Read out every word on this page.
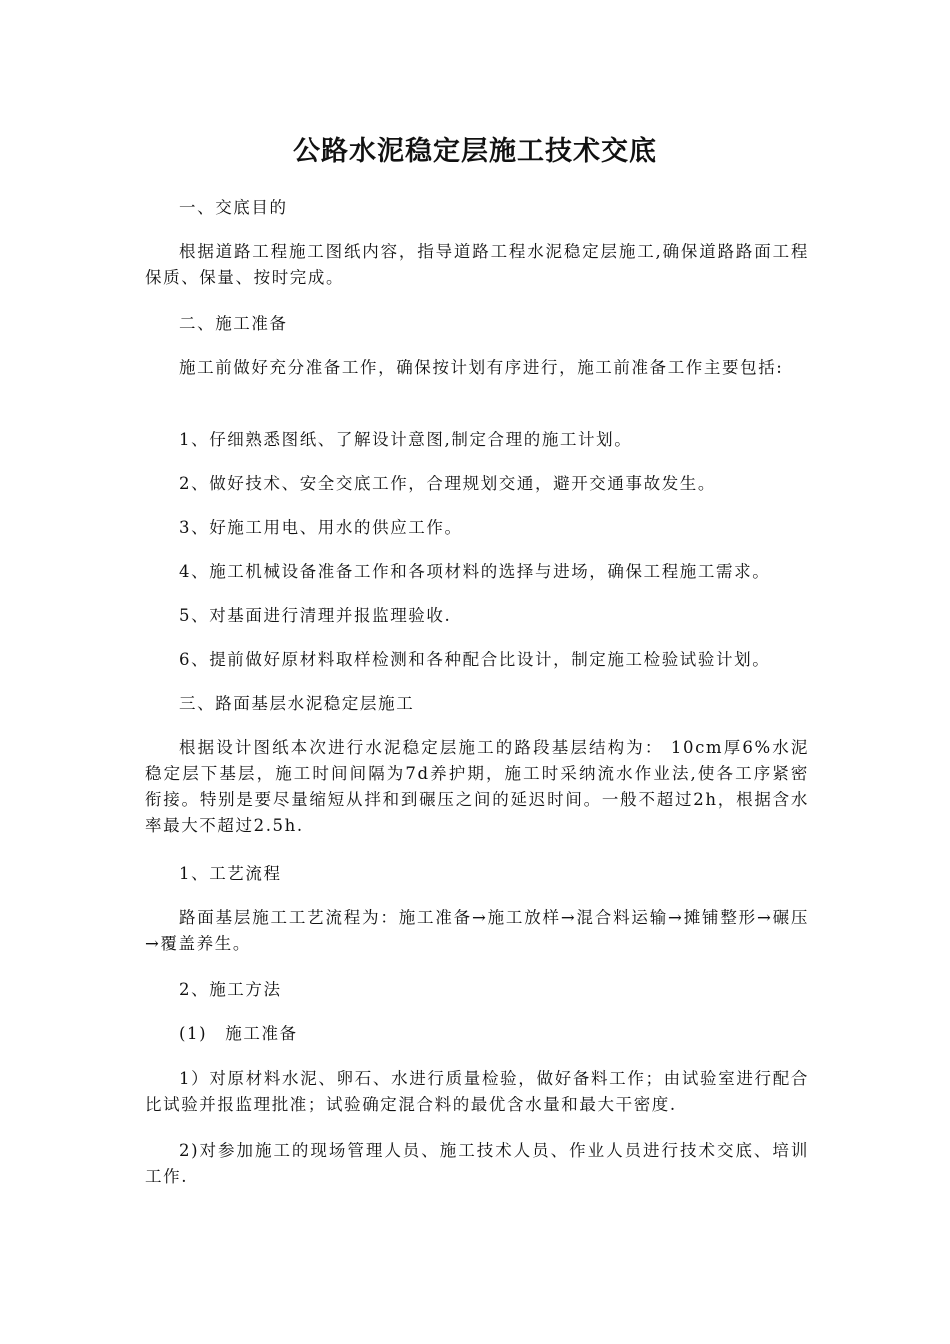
公路水泥稳定层施工技术交底
一、交底目的
根据道路工程施工图纸内容，指导道路工程水泥稳定层施工,确保道路路面工程保质、保量、按时完成。
二、施工准备
施工前做好充分准备工作，确保按计划有序进行，施工前准备工作主要包括:
1、仔细熟悉图纸、了解设计意图,制定合理的施工计划。
2、做好技术、安全交底工作，合理规划交通，避开交通事故发生。
3、好施工用电、用水的供应工作。
4、施工机械设备准备工作和各项材料的选择与进场，确保工程施工需求。
5、对基面进行清理并报监理验收.
6、提前做好原材料取样检测和各种配合比设计，制定施工检验试验计划。
三、路面基层水泥稳定层施工
根据设计图纸本次进行水泥稳定层施工的路段基层结构为： 10cm厚6%水泥稳定层下基层，施工时间间隔为7d养护期，施工时采纳流水作业法,使各工序紧密衔接。特别是要尽量缩短从拌和到碾压之间的延迟时间。一般不超过2h，根据含水率最大不超过2.5h.
1、工艺流程
路面基层施工工艺流程为：施工准备→施工放样→混合料运输→摊铺整形→碾压→覆盖养生。
2、施工方法
(1)　施工准备
1）对原材料水泥、卵石、水进行质量检验，做好备料工作；由试验室进行配合比试验并报监理批准；试验确定混合料的最优含水量和最大干密度.
2)对参加施工的现场管理人员、施工技术人员、作业人员进行技术交底、培训工作.
